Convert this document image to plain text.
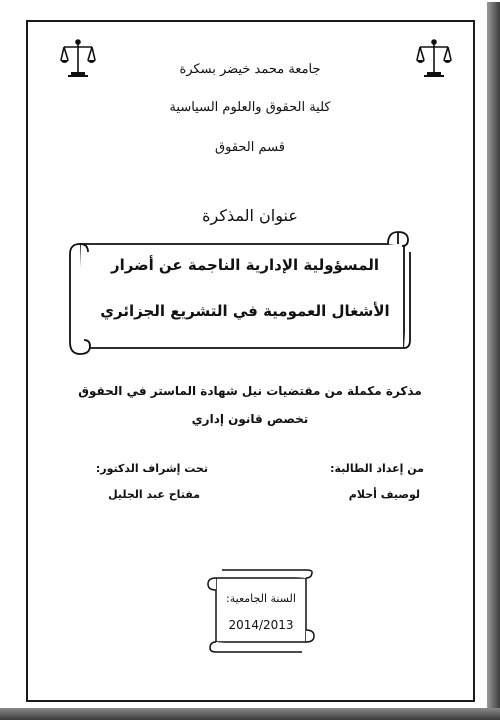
جامعة محمد خيضر بسكرة
كلية الحقوق والعلوم السياسية
قسم الحقوق
عنوان المذكرة
المسؤولية الإدارية الناجمة عن أضرار
الأشغال العمومية في التشريع الجزائري
مذكرة مكملة من مقتضيات نيل شهادة الماستر في الحقوق
تخصص قانون إداري
من إعداد الطالبة:
لوصيف أحلام
تحت إشراف الدكتور:
مفتاح عبد الجليل
السنة الجامعية:
2014/2013
